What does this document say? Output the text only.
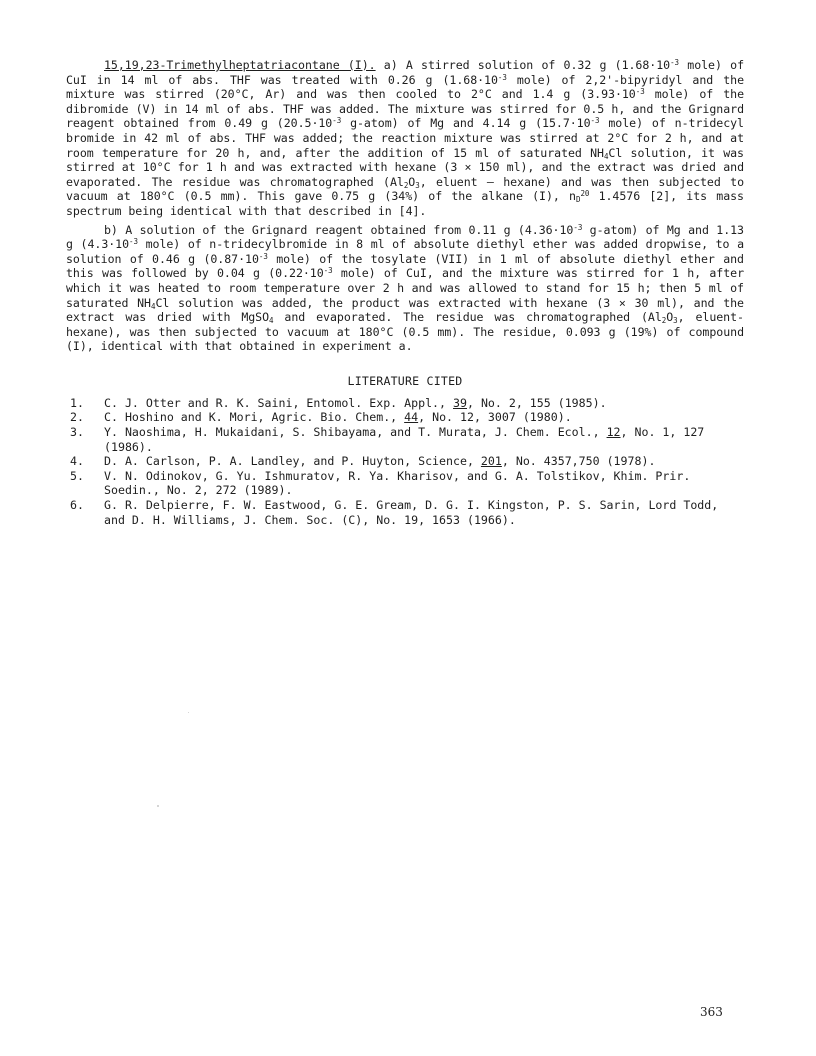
15,19,23-Trimethylheptatriacontane (I). a) A stirred solution of 0.32 g ($1.68\cdot 10^{-3}$ mole) of CuI in 14 ml of abs. THF was treated with 0.26 g ($1.68\cdot 10^{-3}$ mole) of 2,2'-bipyridyl and the mixture was stirred (20°C, Ar) and was then cooled to 2°C and 1.4 g ($3.93\cdot 10^{-3}$ mole) of the dibromide (V) in 14 ml of abs. THF was added. The mixture was stirred for 0.5 h, and the Grignard reagent obtained from 0.49 g ($20.5\cdot 10^{-3}$ g-atom) of Mg and 4.14 g ($15.7\cdot 10^{-3}$ mole) of n-tridecyl bromide in 42 ml of abs. THF was added; the reaction mixture was stirred at 2°C for 2 h, and at room temperature for 20 h, and, after the addition of 15 ml of saturated $NH_4Cl$ solution, it was stirred at 10°C for 1 h and was extracted with hexane (3 × 150 ml), and the extract was dried and evaporated. The residue was chromatographed ($Al_2O_3$, eluent — hexane) and was then subjected to vacuum at 180°C (0.5 mm). This gave 0.75 g (34%) of the alkane (I), $n_D^{20}$ 1.4576 [2], its mass spectrum being identical with that described in [4].

b) A solution of the Grignard reagent obtained from 0.11 g ($4.36\cdot 10^{-3}$ g-atom) of Mg and 1.13 g ($4.3\cdot 10^{-3}$ mole) of n-tridecylbromide in 8 ml of absolute diethyl ether was added dropwise, to a solution of 0.46 g ($0.87\cdot 10^{-3}$ mole) of the tosylate (VII) in 1 ml of absolute diethyl ether and this was followed by 0.04 g ($0.22\cdot 10^{-3}$ mole) of CuI, and the mixture was stirred for 1 h, after which it was heated to room temperature over 2 h and was allowed to stand for 15 h; then 5 ml of saturated $NH_4Cl$ solution was added, the product was extracted with hexane (3 × 30 ml), and the extract was dried with MgSO$_4$ and evaporated. The residue was chromatographed ($Al_2O_3$, eluent-hexane), was then subjected to vacuum at 180°C (0.5 mm). The residue, 0.093 g (19%) of compound (I), identical with that obtained in experiment a.

LITERATURE CITED
1. C. J. Otter and R. K. Saini, Entomol. Exp. Appl., 39, No. 2, 155 (1985).
2. C. Hoshino and K. Mori, Agric. Bio. Chem., 44, No. 12, 3007 (1980).
3. Y. Naoshima, H. Mukaidani, S. Shibayama, and T. Murata, J. Chem. Ecol., 12, No. 1, 127 (1986).
4. D. A. Carlson, P. A. Landley, and P. Huyton, Science, 201, No. 4357,750 (1978).
5. V. N. Odinokov, G. Yu. Ishmuratov, R. Ya. Kharisov, and G. A. Tolstikov, Khim. Prir. Soedin., No. 2, 272 (1989).
6. G. R. Delpierre, F. W. Eastwood, G. E. Gream, D. G. I. Kingston, P. S. Sarin, Lord Todd, and D. H. Williams, J. Chem. Soc. (C), No. 19, 1653 (1966).
363
